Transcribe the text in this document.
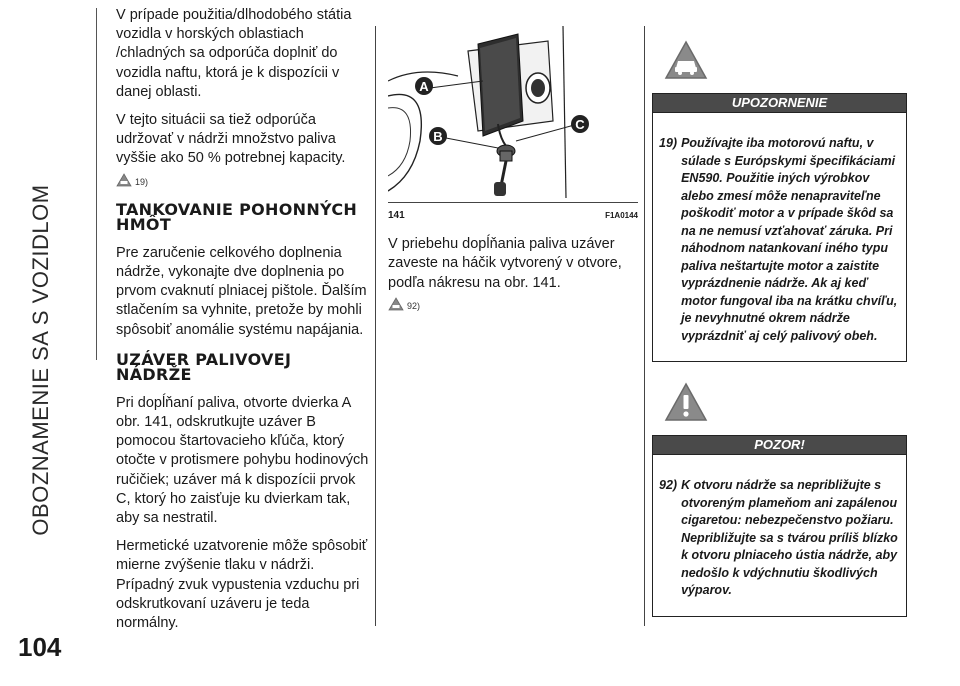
OBOZNAMENIE SA S VOZIDLOM
104

V prípade použitia/dlhodobého státia vozidla v horských oblastiach /chladných sa odporúča doplniť do vozidla naftu, ktorá je k dispozícii v danej oblasti.

V tejto situácii sa tiež odporúča udržovať v nádrži množstvo paliva vyššie ako 50 % potrebnej kapacity.

19)
TANKOVANIE POHONNÝCH HMÔT

Pre zaručenie celkového doplnenia nádrže, vykonajte dve doplnenia po prvom cvaknutí plniacej pištole. Ďalším stlačením sa vyhnite, pretože by mohli spôsobiť anomálie systému napájania.

UZÁVER PALIVOVEJ NÁDRŽE

Pri dopĺňaní paliva, otvorte dvierka A obr. 141, odskrutkujte uzáver B pomocou štartovacieho kľúča, ktorý otočte v protismere pohybu hodinových ručičiek; uzáver má k dispozícii prvok C, ktorý ho zaisťuje ku dvierkam tak, aby sa nestratil.

Hermetické uzatvorenie môže spôsobiť mierne zvýšenie tlaku v nádrži. Prípadný zvuk vypustenia vzduchu pri odskrutkovaní uzáveru je teda normálny.

A
B
C
141	F1A0144
V priebehu dopĺňania paliva uzáver zaveste na háčik vytvorený v otvore, podľa nákresu na obr. 141.
92)
UPOZORNENIE
19) Používajte iba motorovú naftu, v súlade s Európskymi špecifikáciami EN590. Použitie iných výrobkov alebo zmesí môže nenapraviteľne poškodiť motor a v prípade škôd sa na ne nemusí vzťahovať záruka. Pri náhodnom natankovaní iného typu paliva neštartujte motor a zaistite vyprázdnenie nádrže. Ak aj keď motor fungoval iba na krátku chvíľu, je nevyhnutné okrem nádrže vyprázdniť aj celý palivový obeh.
POZOR!
92) K otvoru nádrže sa nepribližujte s otvoreným plameňom ani zapálenou cigaretou: nebezpečenstvo požiaru. Nepribližujte sa s tvárou príliš blízko k otvoru plniaceho ústia nádrže, aby nedošlo k vdýchnutiu škodlivých výparov.
